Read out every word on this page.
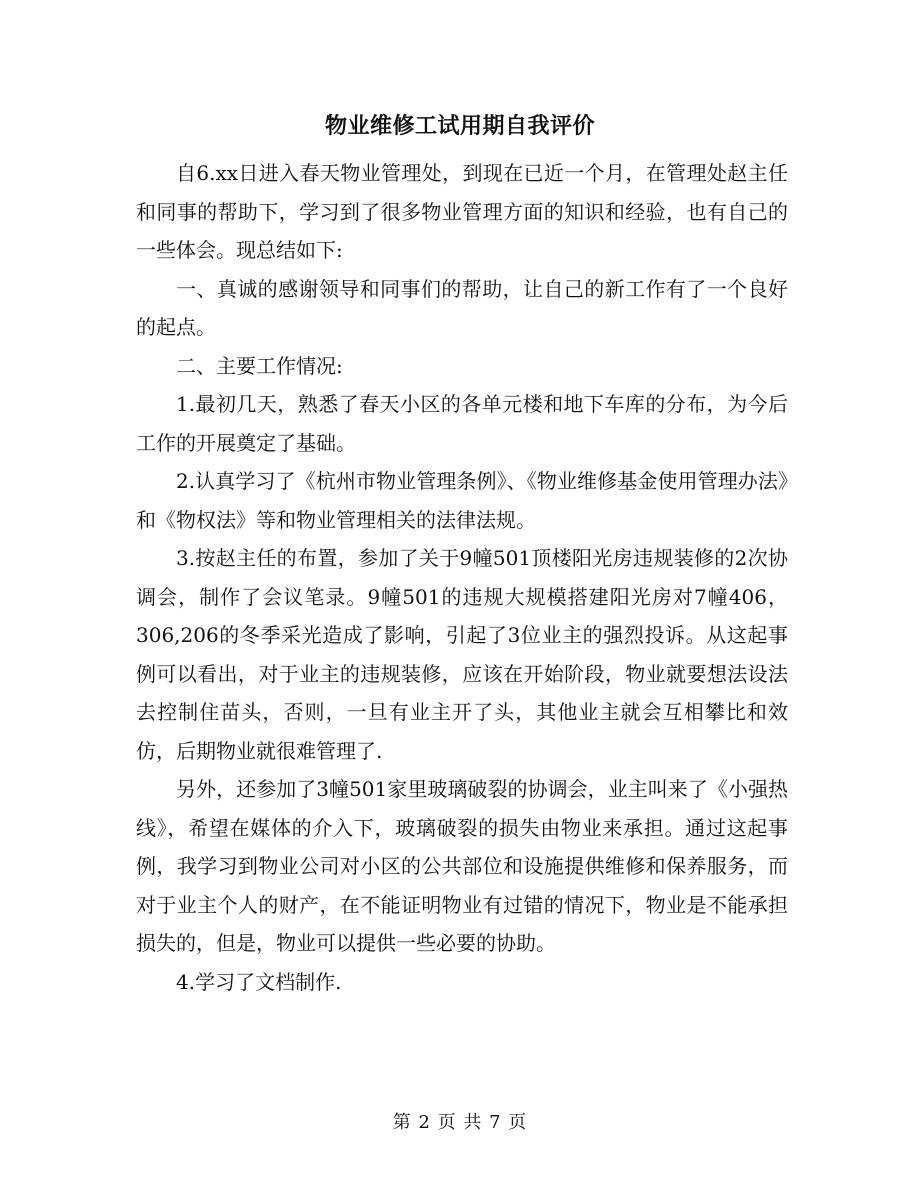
物业维修工试用期自我评价

自6.xx日进入春天物业管理处，到现在已近一个月，在管理处赵主任和同事的帮助下，学习到了很多物业管理方面的知识和经验，也有自己的一些体会。现总结如下:

一、真诚的感谢领导和同事们的帮助，让自己的新工作有了一个良好的起点。

二、主要工作情况:

1.最初几天，熟悉了春天小区的各单元楼和地下车库的分布，为今后工作的开展奠定了基础。

2.认真学习了《杭州市物业管理条例》、《物业维修基金使用管理办法》和《物权法》等和物业管理相关的法律法规。

3.按赵主任的布置，参加了关于9幢501顶楼阳光房违规装修的2次协调会，制作了会议笔录。9幢501的违规大规模搭建阳光房对7幢406，306,206的冬季采光造成了影响，引起了3位业主的强烈投诉。从这起事例可以看出，对于业主的违规装修，应该在开始阶段，物业就要想法设法去控制住苗头，否则，一旦有业主开了头，其他业主就会互相攀比和效仿，后期物业就很难管理了.

另外，还参加了3幢501家里玻璃破裂的协调会，业主叫来了《小强热线》，希望在媒体的介入下，玻璃破裂的损失由物业来承担。通过这起事例，我学习到物业公司对小区的公共部位和设施提供维修和保养服务，而对于业主个人的财产，在不能证明物业有过错的情况下，物业是不能承担损失的，但是，物业可以提供一些必要的协助。

4.学习了文档制作.

第 2 页 共 7 页
